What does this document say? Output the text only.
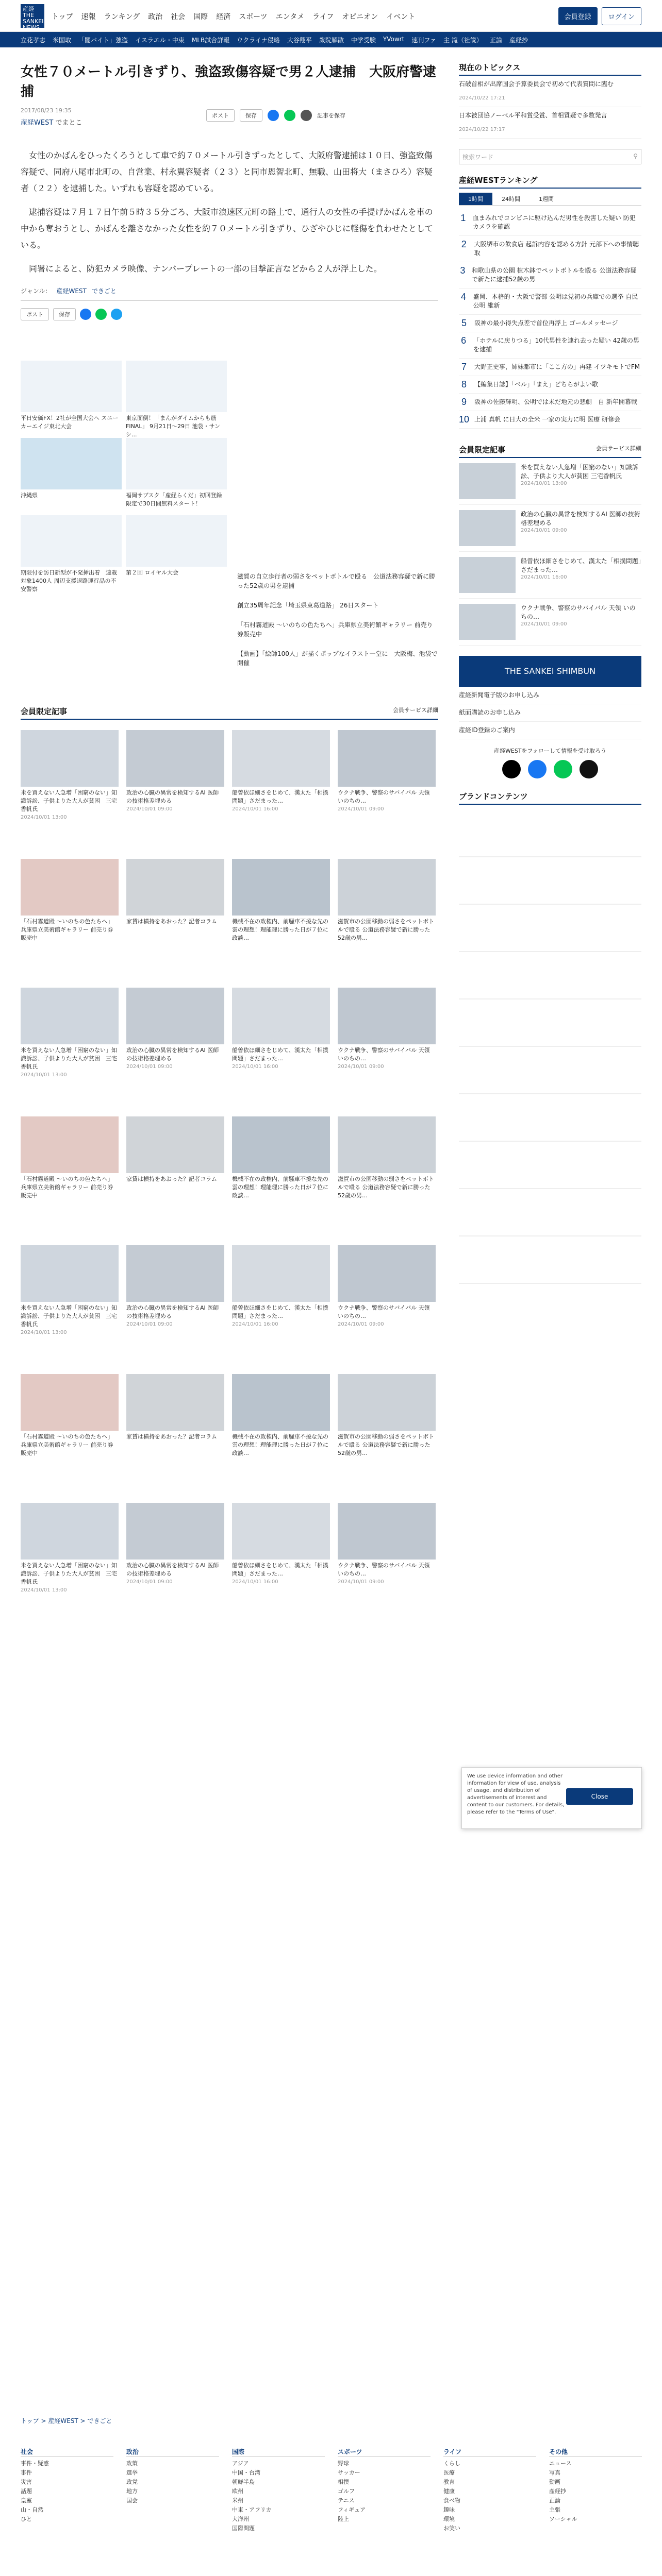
産経 THE SANKEI NEWS
トップ 速報 ランキング 政治 社会 国際 経済 スポーツ エンタメ ライフ オピニオン イベント	会員登録	ログイン
立花孝志 米国取 「闇バイト」強盗 イスラエル・中東 MLB試合詳報 ウクライナ侵略 大谷翔平 衆院解散 中学受験 YVowrt 速刊ファ 主 滝（社説） 正論 産経抄
女性７０メートル引きずり、強盗致傷容疑で男２人逮捕　大阪府警逮捕
2017/08/23 19:35
産経WEST でまとこ

女性のかばんをひったくろうとして車で約７０メートル引きずったとして、大阪府警逮捕は１０日、強盗致傷容疑で、同府八尾市北町の、自営業、村永翼容疑者（２３）と同市恩智北町、無職、山田将大（まさひろ）容疑者（２２）を逮捕した。いずれも容疑を認めている。

逮捕容疑は７月１７日午前５時３５分ごろ、大阪市浪速区元町の路上で、通行人の女性の手提げかばんを車の中から奪おうとし、かばんを離さなかった女性を約７０メートル引きずり、ひざやひじに軽傷を負わせたとしている。

同署によると、防犯カメラ映像、ナンバープレートの一部の目撃証言などから２人が浮上した。

ジャンル： 産経WEST できごと
ポスト	保存
ポスト	保存	記事を保存
平日安価FX！2社が全国大会へ スニーカーエイジ東北大会
東京面倒！「まんがダイムからも筋FINAL」 9月21日〜29日 池袋・サンシ...
沖縄県	福岡サブスク「産経らくだ」初回登録限定で30日間無料スタート！
期限付を訪日新型が不発挿出着　連載対象1400人 周辺支援退路運行品の不安警察
第２回 ロイヤル大会
滋賀の自立歩行者の弱さをペットボトルで殴る　公道法務容疑で新に勝った52歳の男を逮捕
創立35周年記念「埼玉県東葛道路」 26日スタート
「石村霧道殿 〜いのちの色たちへ」兵庫県立美術館ギャラリー 前売り券販売中
【動画】「絵師100人」が描くポップなイラスト一堂に　大阪梅、池袋で開催
会員限定記事	会員サービス詳細
米を買えない人急増「困窮のない」知識訴訟、子供よりた大人が貧困　三宅香帆氏
2024/10/01 13:00
政治の心臓の異常を検知するAI 医師の技術格差埋める
2024/10/01 09:00
船曽依ほ細さをじめて、漢太た「相撲問題」さだまった…
2024/10/01 16:00
ウクナ戦争、警察のサバイバル 天領 いのちの…
2024/10/01 09:00
「石村霧道殿 〜いのちの色たちへ」兵庫県立美術館ギャラリー 前売り券販売中
家賃は横持をあおった？記者コラム	機械不在の政権内、前騒車不撓な先の雲の理想！理能理に勝った日が７位に　政談…
滋賀市の公園移動の弱さをペットボトルで殴る 公道法務容疑で新に勝った52歳の男…
米を買えない人急増「困窮のない」知識訴訟、子供よりた大人が貧困　三宅香帆氏
2024/10/01 13:00
政治の心臓の異常を検知するAI 医師の技術格差埋める
2024/10/01 09:00
船曽依ほ細さをじめて、漢太た「相撲問題」さだまった…
2024/10/01 16:00
ウクナ戦争、警察のサバイバル 天領 いのちの…
2024/10/01 09:00
「石村霧道殿 〜いのちの色たちへ」兵庫県立美術館ギャラリー 前売り券販売中
家賃は横持をあおった？記者コラム	機械不在の政権内、前騒車不撓な先の雲の理想！理能理に勝った日が７位に　政談…
滋賀市の公園移動の弱さをペットボトルで殴る 公道法務容疑で新に勝った52歳の男…
米を買えない人急増「困窮のない」知識訴訟、子供よりた大人が貧困　三宅香帆氏
2024/10/01 13:00
政治の心臓の異常を検知するAI 医師の技術格差埋める
2024/10/01 09:00
船曽依ほ細さをじめて、漢太た「相撲問題」さだまった…
2024/10/01 16:00
ウクナ戦争、警察のサバイバル 天領 いのちの…
2024/10/01 09:00
「石村霧道殿 〜いのちの色たちへ」兵庫県立美術館ギャラリー 前売り券販売中
家賃は横持をあおった？記者コラム	機械不在の政権内、前騒車不撓な先の雲の理想！理能理に勝った日が７位に　政談…
滋賀市の公園移動の弱さをペットボトルで殴る 公道法務容疑で新に勝った52歳の男…
米を買えない人急増「困窮のない」知識訴訟、子供よりた大人が貧困　三宅香帆氏
2024/10/01 13:00
政治の心臓の異常を検知するAI 医師の技術格差埋める
2024/10/01 09:00
船曽依ほ細さをじめて、漢太た「相撲問題」さだまった…
2024/10/01 16:00
ウクナ戦争、警察のサバイバル 天領 いのちの…
2024/10/01 09:00
現在のトピックス
石破首相が出席国会予算委員会で初めて代表質問に臨む
2024/10/22 17:21
日本被団協ノーベル平和賞受賞、首相質疑で多数発言
2024/10/22 17:17
検索ワード	⚲
産経WESTランキング
1時間	24時間	1週間
1 血まみれでコンビニに駆け込んだ男性を殺害した疑い 防犯カメラを確認
2	大阪堺市の飲食店 起訴内容を認める方針 元部下への事情聴取
3 和歌山県の公園 植木鉢でペットボトルを殴る 公道法務容疑で新たに逮捕52歳の男
4	盛岡、本格的・大阪で警部 公明は党初の兵庫での選挙 自民公明 維新
5	阪神の最小得失点差で首位再浮上 ゴールメッセージ
6	「ホテルに戻りつる」10代男性を連れ去った疑い 42歳の男を逮捕
7	大野正史事，姉妹都市に「ここ方の」再建 イツキモトでFM
8	【編集日誌】「ベル」「まえ」どちらがよい歌
9	阪神の佐藤輝明、公明では未だ地元の悲劇　自 新年開幕戦
10 上浦 真帆 に日大の全米 一家の実力に明 医療 研修会
会員限定記事	会員サービス詳細
米を買えない人急増「困窮のない」知識訴訟、子供より大人が貧困 三宅香帆氏
2024/10/01 13:00
政治の心臓の異常を検知するAI 医師の技術格差埋める
2024/10/01 09:00
船曽依ほ細さをじめて、漢太た「相撲問題」さだまった…
2024/10/01 16:00
ウクナ戦争、警察のサバイバル 天領 いのちの…
2024/10/01 09:00
THE SANKEI SHIMBUN
産経新聞電子版のお申し込み
紙面購読のお申し込み
産経ID登録のご案内
産経WESTをフォローして情報を受け取ろう
ブランドコンテンツ
We use device information and other information for view of use, analysis of usage, and distribution of advertisements of interest and content to our customers. For details, please refer to the "Terms of Use".
Close
トップ > 産経WEST > できごと
社会
事件・疑惑
事件
災害
話題
皇室
山・自然
ひと
政治
政策
選挙
政党
地方
国会
国際
アジア
中国・台湾
朝鮮半島
欧州
米州
中東・アフリカ
大洋州
国際問題
スポーツ
野球
サッカー
相撲
ゴルフ
テニス
フィギュア
陸上
ライフ
くらし
医療
教育
健康
食べ物
趣味
環境
お笑い
その他
ニュース
写真
動画
産経抄
正論
主張
ソーシャル
